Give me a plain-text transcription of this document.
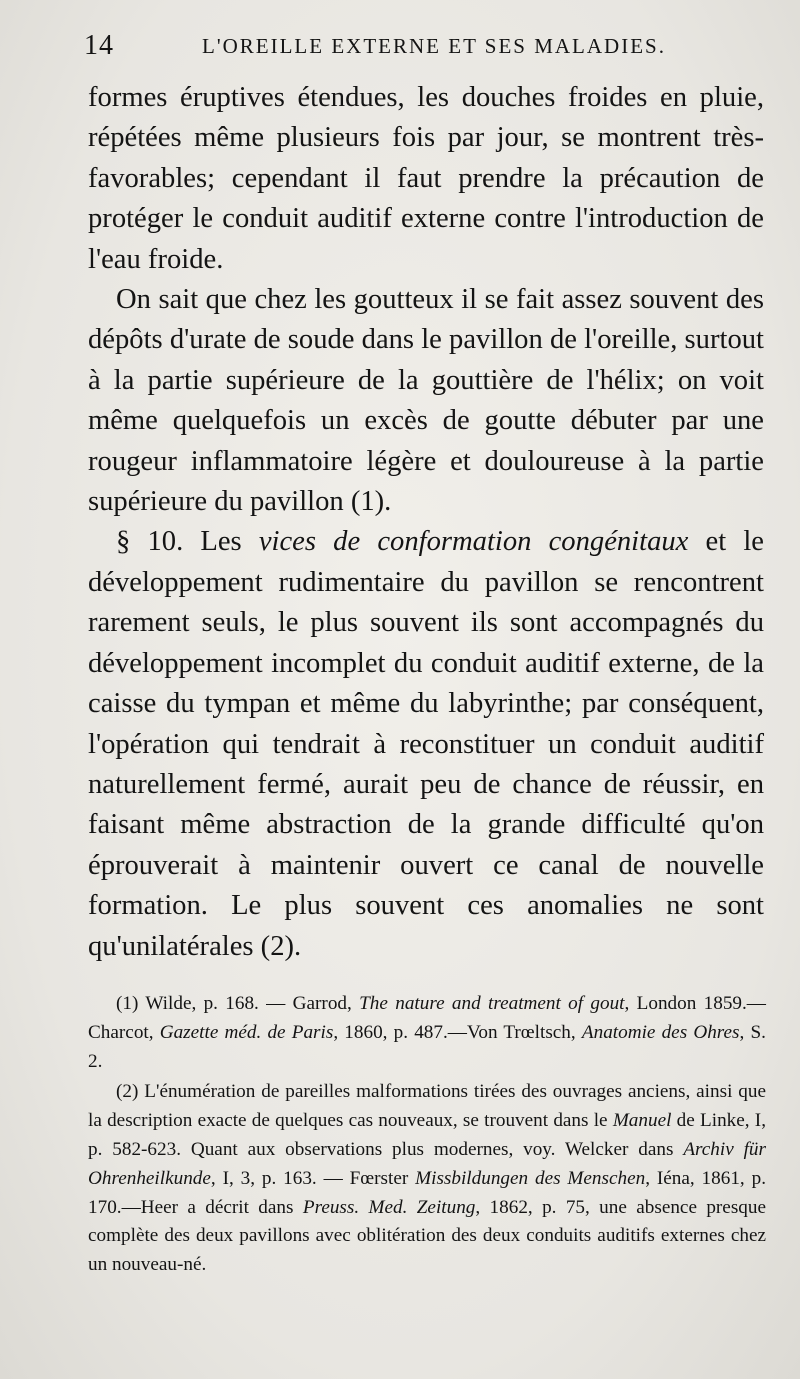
14	L'OREILLE EXTERNE ET SES MALADIES.

formes éruptives étendues, les douches froides en pluie, répétées même plusieurs fois par jour, se montrent très-favorables; cependant il faut prendre la précaution de protéger le conduit auditif externe contre l'introduction de l'eau froide.

On sait que chez les goutteux il se fait assez souvent des dépôts d'urate de soude dans le pavillon de l'oreille, surtout à la partie supérieure de la gouttière de l'hélix; on voit même quelquefois un excès de goutte débuter par une rougeur inflammatoire légère et douloureuse à la partie supérieure du pavillon (1).

§ 10. Les vices de conformation congénitaux et le développement rudimentaire du pavillon se rencontrent rarement seuls, le plus souvent ils sont accompagnés du développement incomplet du conduit auditif externe, de la caisse du tympan et même du labyrinthe; par conséquent, l'opération qui tendrait à reconstituer un conduit auditif naturellement fermé, aurait peu de chance de réussir, en faisant même abstraction de la grande difficulté qu'on éprouverait à maintenir ouvert ce canal de nouvelle formation. Le plus souvent ces anomalies ne sont qu'unilatérales (2).

(1) Wilde, p. 168. — Garrod, The nature and treatment of gout, London 1859.—Charcot, Gazette méd. de Paris, 1860, p. 487.—Von Trœltsch, Anatomie des Ohres, S. 2.

(2) L'énumération de pareilles malformations tirées des ouvrages anciens, ainsi que la description exacte de quelques cas nouveaux, se trouvent dans le Manuel de Linke, I, p. 582-623. Quant aux observations plus modernes, voy. Welcker dans Archiv für Ohrenheilkunde, I, 3, p. 163. — Fœrster Missbildungen des Menschen, Iéna, 1861, p. 170.—Heer a décrit dans Preuss. Med. Zeitung, 1862, p. 75, une absence presque complète des deux pavillons avec oblitération des deux conduits auditifs externes chez un nouveau-né.
